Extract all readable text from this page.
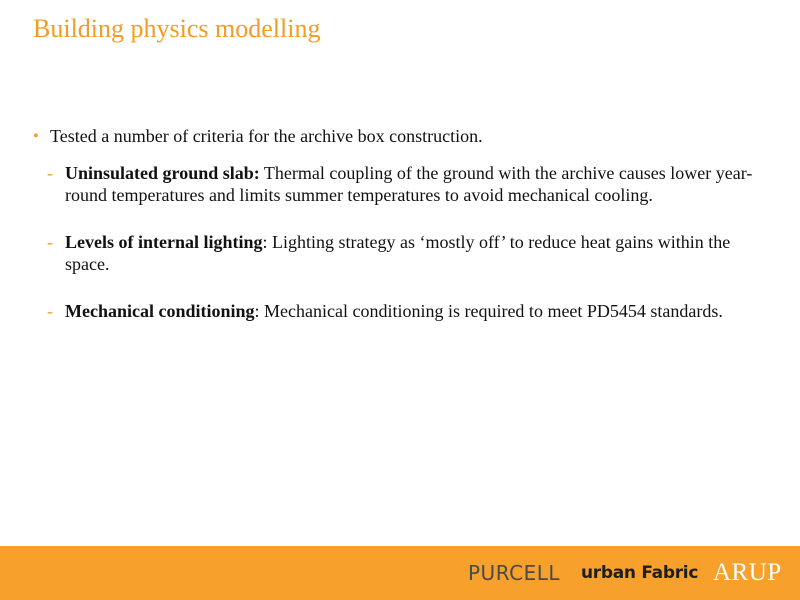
Building physics modelling
• Tested a number of criteria for the archive box construction.
- Uninsulated ground slab: Thermal coupling of the ground with the archive causes lower year-round temperatures and limits summer temperatures to avoid mechanical cooling.
- Levels of internal lighting: Lighting strategy as ‘mostly off’ to reduce heat gains within the space.
- Mechanical conditioning: Mechanical conditioning is required to meet PD5454 standards.
PURCELL urban Fabric ARUP
